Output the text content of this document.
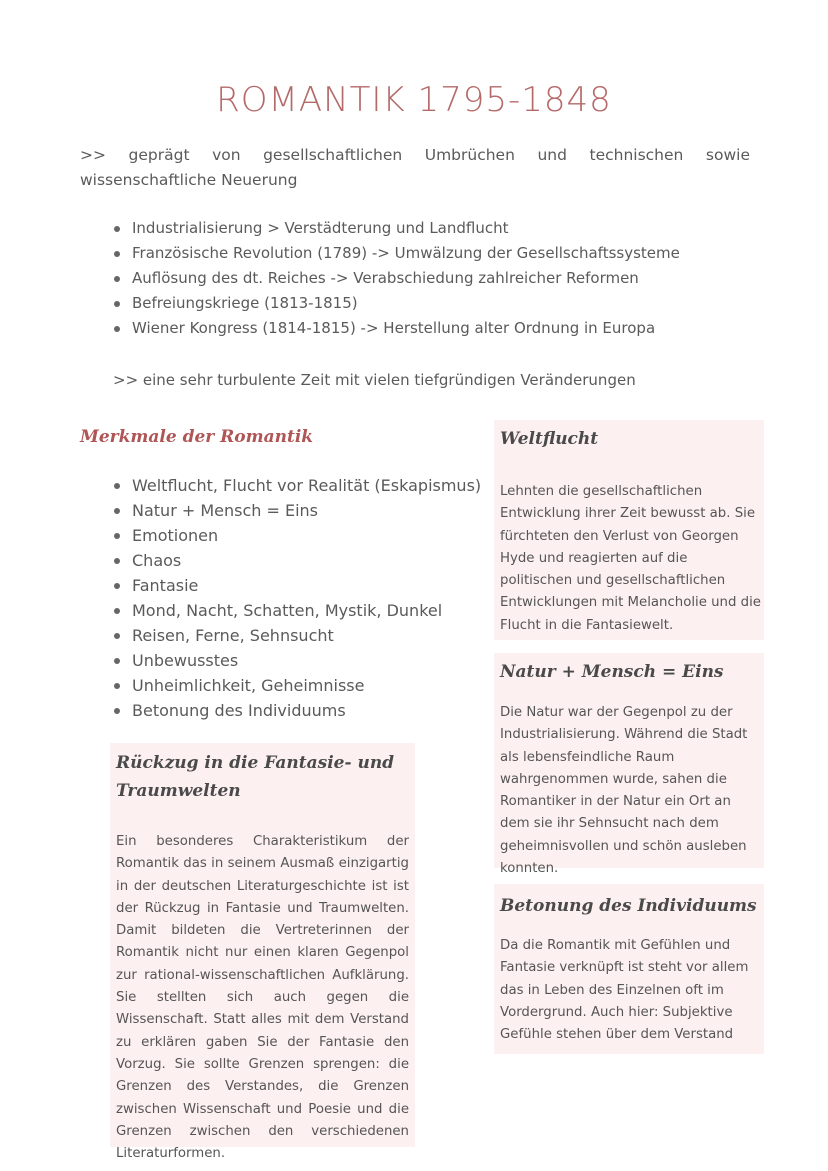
ROMANTIK 1795-1848

>> geprägt von gesellschaftlichen Umbrüchen und technischen sowie wissenschaftliche Neuerung

Industrialisierung > Verstädterung und Landflucht
Französische Revolution (1789) -> Umwälzung der Gesellschaftssysteme
Auflösung des dt. Reiches -> Verabschiedung zahlreicher Reformen
Befreiungskriege (1813-1815)
Wiener Kongress (1814-1815) -> Herstellung alter Ordnung in Europa

>> eine sehr turbulente Zeit mit vielen tiefgründigen Veränderungen

Merkmale der Romantik
Weltflucht, Flucht vor Realität (Eskapismus)
Natur + Mensch = Eins
Emotionen
Chaos
Fantasie
Mond, Nacht, Schatten, Mystik, Dunkel
Reisen, Ferne, Sehnsucht
Unbewusstes
Unheimlichkeit, Geheimnisse
Betonung des Individuums
Rückzug in die Fantasie- und Traumwelten

Ein besonderes Charakteristikum der Romantik das in seinem Ausmaß einzigartig in der deutschen Literaturgeschichte ist ist der Rückzug in Fantasie und Traumwelten. Damit bildeten die Vertreterinnen der Romantik nicht nur einen klaren Gegenpol zur rational-wissenschaftlichen Aufklärung. Sie stellten sich auch gegen die Wissenschaft. Statt alles mit dem Verstand zu erklären gaben Sie der Fantasie den Vorzug. Sie sollte Grenzen sprengen: die Grenzen des Verstandes, die Grenzen zwischen Wissenschaft und Poesie und die Grenzen zwischen den verschiedenen Literaturformen.

Weltflucht

Lehnten die gesellschaftlichen Entwicklung ihrer Zeit bewusst ab. Sie fürchteten den Verlust von Georgen Hyde und reagierten auf die politischen und gesellschaftlichen Entwicklungen mit Melancholie und die Flucht in die Fantasiewelt.

Natur + Mensch = Eins

Die Natur war der Gegenpol zu der Industrialisierung. Während die Stadt als lebensfeindliche Raum wahrgenommen wurde, sahen die Romantiker in der Natur ein Ort an dem sie ihr Sehnsucht nach dem geheimnisvollen und schön ausleben konnten.

Betonung des Individuums

Da die Romantik mit Gefühlen und Fantasie verknüpft ist steht vor allem das in Leben des Einzelnen oft im Vordergrund. Auch hier: Subjektive Gefühle stehen über dem Verstand
